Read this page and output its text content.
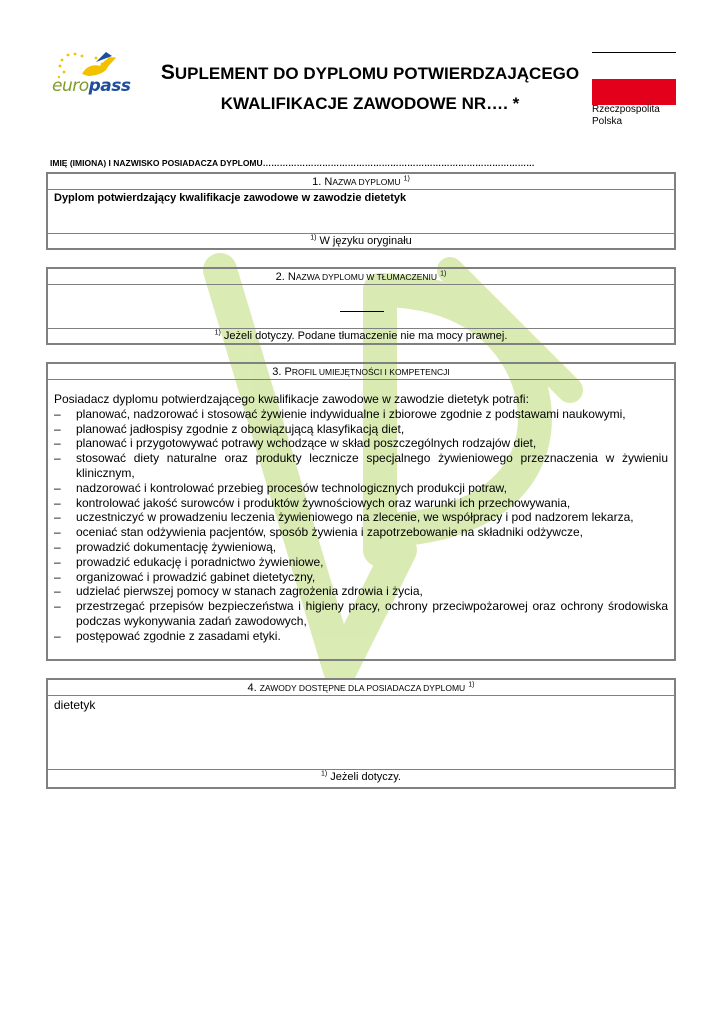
europass
SUPLEMENT DO DYPLOMU POTWIERDZAJĄCEGO
KWALIFIKACJE ZAWODOWE NR…. *	Rzeczpospolita
Polska
IMIĘ (IMIONA) I NAZWISKO POSIADACZA DYPLOMU……………………………………………………………………………………
1. NAZWA DYPLOMU $^{1)}$
Dyplom potwierdzający kwalifikacje zawodowe w zawodzie dietetyk
$^{1)}$ W języku oryginału
2. NAZWA DYPLOMU W TŁUMACZENIU $^{1)}$
$^{1)}$ Jeżeli dotyczy. Podane tłumaczenie nie ma mocy prawnej.
3. PROFIL UMIEJĘTNOŚCI I KOMPETENCJI
Posiadacz dyplomu potwierdzającego kwalifikacje zawodowe w zawodzie dietetyk potrafi:
– planować, nadzorować i stosować żywienie indywidualne i zbiorowe zgodnie z podstawami naukowymi,
– planować jadłospisy zgodnie z obowiązującą klasyfikacją diet,
– planować i przygotowywać potrawy wchodzące w skład poszczególnych rodzajów diet,
– stosować diety naturalne oraz produkty lecznicze specjalnego żywieniowego przeznaczenia w żywieniu klinicznym,
– nadzorować i kontrolować przebieg procesów technologicznych produkcji potraw,
– kontrolować jakość surowców i produktów żywnościowych oraz warunki ich przechowywania,
– uczestniczyć w prowadzeniu leczenia żywieniowego na zlecenie, we współpracy i pod nadzorem lekarza,
– oceniać stan odżywienia pacjentów, sposób żywienia i zapotrzebowanie na składniki odżywcze,
– prowadzić dokumentację żywieniową,
– prowadzić edukację i poradnictwo żywieniowe,
– organizować i prowadzić gabinet dietetyczny,
– udzielać pierwszej pomocy w stanach zagrożenia zdrowia i życia,
– przestrzegać przepisów bezpieczeństwa i higieny pracy, ochrony przeciwpożarowej oraz ochrony środowiska podczas wykonywania zadań zawodowych,
– postępować zgodnie z zasadami etyki.
4. ZAWODY DOSTĘPNE DLA POSIADACZA DYPLOMU $^{1)}$
dietetyk
$^{1)}$ Jeżeli dotyczy.
